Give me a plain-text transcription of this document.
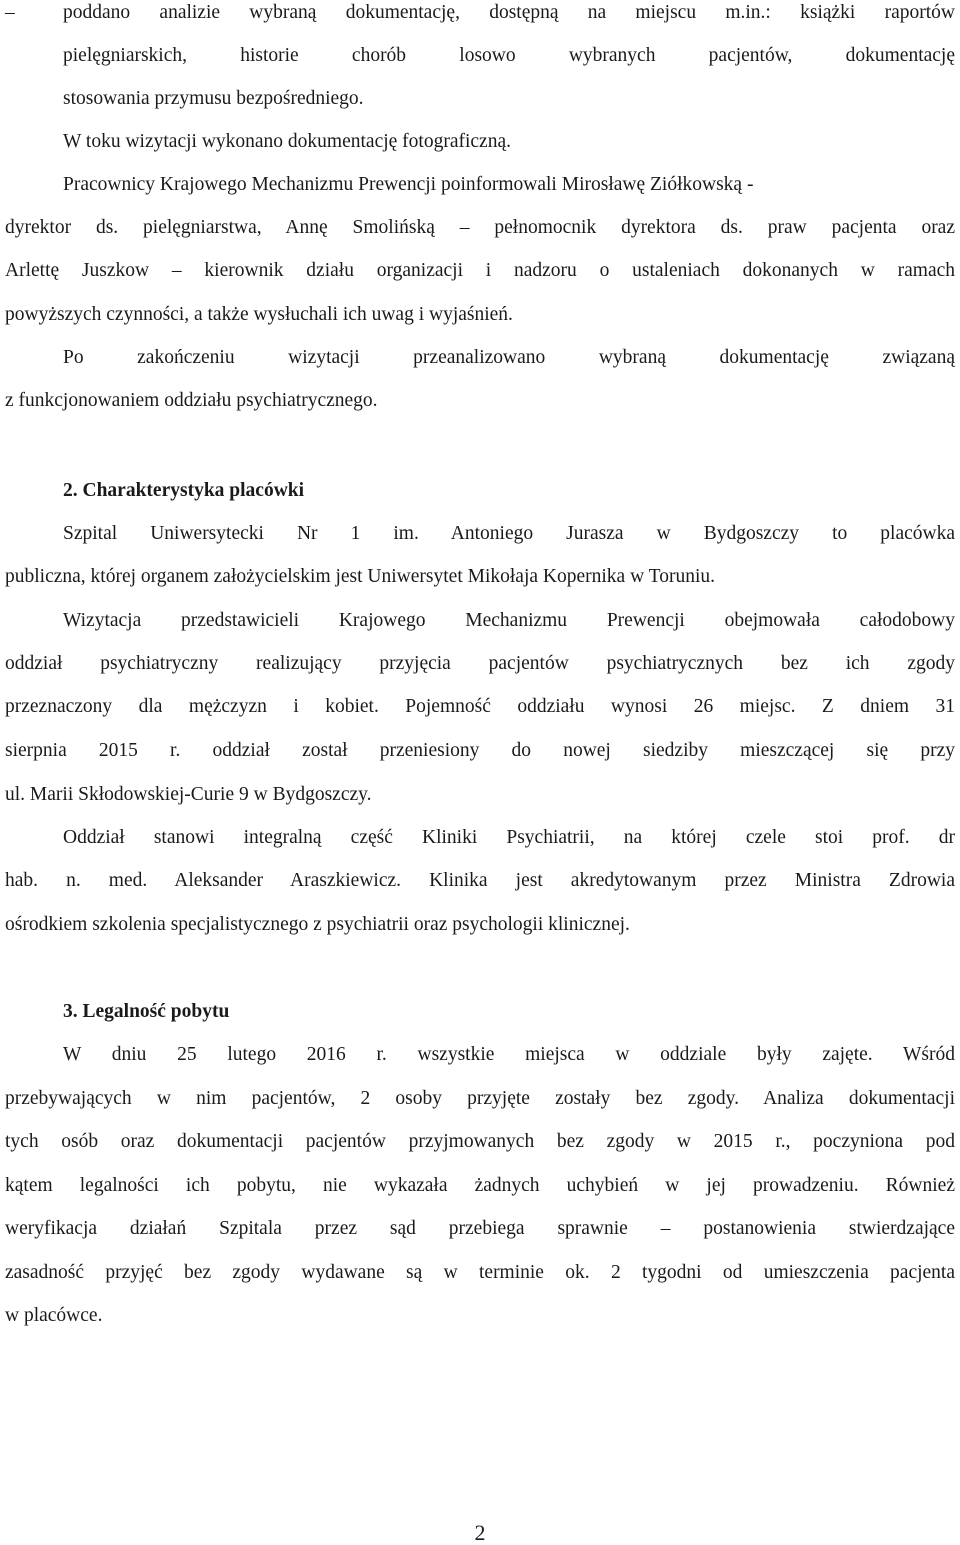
–	poddano analizie wybraną dokumentację, dostępną na miejscu m.in.: książki raportów
pielęgniarskich, historie chorób losowo wybranych pacjentów, dokumentację
stosowania przymusu bezpośredniego.
W toku wizytacji wykonano dokumentację fotograficzną.
Pracownicy Krajowego Mechanizmu Prewencji poinformowali Mirosławę Ziółkowską -
dyrektor ds. pielęgniarstwa, Annę Smolińską – pełnomocnik dyrektora ds. praw pacjenta oraz
Arlettę Juszkow – kierownik działu organizacji i nadzoru o ustaleniach dokonanych w ramach
powyższych czynności, a także wysłuchali ich uwag i wyjaśnień.
Po zakończeniu wizytacji przeanalizowano wybraną dokumentację związaną
z funkcjonowaniem oddziału psychiatrycznego.
2. Charakterystyka placówki
Szpital Uniwersytecki Nr 1 im. Antoniego Jurasza w Bydgoszczy to placówka
publiczna, której organem założycielskim jest Uniwersytet Mikołaja Kopernika w Toruniu.
Wizytacja przedstawicieli Krajowego Mechanizmu Prewencji obejmowała całodobowy
oddział psychiatryczny realizujący przyjęcia pacjentów psychiatrycznych bez ich zgody
przeznaczony dla mężczyzn i kobiet. Pojemność oddziału wynosi 26 miejsc. Z dniem 31
sierpnia 2015 r. oddział został przeniesiony do nowej siedziby mieszczącej się przy
ul. Marii Skłodowskiej-Curie 9 w Bydgoszczy.
Oddział stanowi integralną część Kliniki Psychiatrii, na której czele stoi prof. dr
hab. n. med. Aleksander Araszkiewicz. Klinika jest akredytowanym przez Ministra Zdrowia
ośrodkiem szkolenia specjalistycznego z psychiatrii oraz psychologii klinicznej.
3. Legalność pobytu
W dniu 25 lutego 2016 r. wszystkie miejsca w oddziale były zajęte. Wśród
przebywających w nim pacjentów, 2 osoby przyjęte zostały bez zgody. Analiza dokumentacji
tych osób oraz dokumentacji pacjentów przyjmowanych bez zgody w 2015 r., poczyniona pod
kątem legalności ich pobytu, nie wykazała żadnych uchybień w jej prowadzeniu. Również
weryfikacja działań Szpitala przez sąd przebiega sprawnie – postanowienia stwierdzające
zasadność przyjęć bez zgody wydawane są w terminie ok. 2 tygodni od umieszczenia pacjenta
w placówce.
2
